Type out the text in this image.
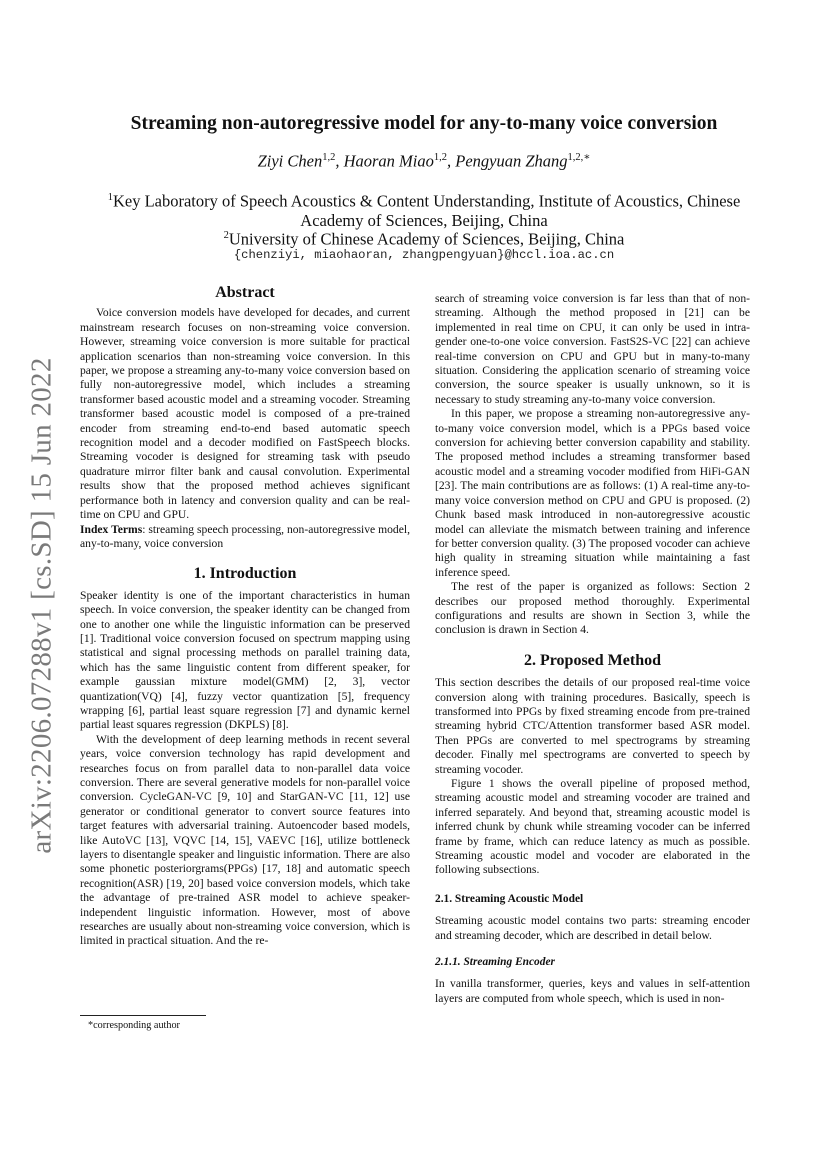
arXiv:2206.07288v1 [cs.SD] 15 Jun 2022
Streaming non-autoregressive model for any-to-many voice conversion
Ziyi Chen$^{1,2}$, Haoran Miao$^{1,2}$, Pengyuan Zhang$^{1,2,∗}$
$^1$Key Laboratory of Speech Acoustics & Content Understanding, Institute of Acoustics, Chinese Academy of Sciences, Beijing, China
$^2$University of Chinese Academy of Sciences, Beijing, China
{chenziyi, miaohaoran, zhangpengyuan}@hccl.ioa.ac.cn
Abstract

Voice conversion models have developed for decades, and current mainstream research focuses on non-streaming voice conversion. However, streaming voice conversion is more suitable for practical application scenarios than non-streaming voice conversion. In this paper, we propose a streaming any-to-many voice conversion based on fully non-autoregressive model, which includes a streaming transformer based acoustic model and a streaming vocoder. Streaming transformer based acoustic model is composed of a pre-trained encoder from streaming end-to-end based automatic speech recognition model and a decoder modified on FastSpeech blocks. Streaming vocoder is designed for streaming task with pseudo quadrature mirror filter bank and causal convolution. Experimental results show that the proposed method achieves significant performance both in latency and conversion quality and can be real-time on CPU and GPU.

Index Terms: streaming speech processing, non-autoregressive model, any-to-many, voice conversion

1. Introduction

Speaker identity is one of the important characteristics in human speech. In voice conversion, the speaker identity can be changed from one to another one while the linguistic information can be preserved [1]. Traditional voice conversion focused on spectrum mapping using statistical and signal processing methods on parallel training data, which has the same linguistic content from different speaker, for example gaussian mixture model(GMM) [2, 3], vector quantization(VQ) [4], fuzzy vector quantization [5], frequency wrapping [6], partial least square regression [7] and dynamic kernel partial least squares regression (DKPLS) [8].

With the development of deep learning methods in recent several years, voice conversion technology has rapid development and researches focus on from parallel data to non-parallel data voice conversion. There are several generative models for non-parallel voice conversion. CycleGAN-VC [9, 10] and StarGAN-VC [11, 12] use generator or conditional generator to convert source features into target features with adversarial training. Autoencoder based models, like AutoVC [13], VQVC [14, 15], VAEVC [16], utilize bottleneck layers to disentangle speaker and linguistic information. There are also some phonetic posteriorgrams(PPGs) [17, 18] and automatic speech recognition(ASR) [19, 20] based voice conversion models, which take the advantage of pre-trained ASR model to achieve speaker-independent linguistic information. However, most of above researches are usually about non-streaming voice conversion, which is limited in practical situation. And the re-

search of streaming voice conversion is far less than that of non-streaming. Although the method proposed in [21] can be implemented in real time on CPU, it can only be used in intra-gender one-to-one voice conversion. FastS2S-VC [22] can achieve real-time conversion on CPU and GPU but in many-to-many situation. Considering the application scenario of streaming voice conversion, the source speaker is usually unknown, so it is necessary to study streaming any-to-many voice conversion.

In this paper, we propose a streaming non-autoregressive any-to-many voice conversion model, which is a PPGs based voice conversion for achieving better conversion capability and stability. The proposed method includes a streaming transformer based acoustic model and a streaming vocoder modified from HiFi-GAN [23]. The main contributions are as follows: (1) A real-time any-to-many voice conversion method on CPU and GPU is proposed. (2) Chunk based mask introduced in non-autoregressive acoustic model can alleviate the mismatch between training and inference for better conversion quality. (3) The proposed vocoder can achieve high quality in streaming situation while maintaining a fast inference speed.

The rest of the paper is organized as follows: Section 2 describes our proposed method thoroughly. Experimental configurations and results are shown in Section 3, while the conclusion is drawn in Section 4.

2. Proposed Method

This section describes the details of our proposed real-time voice conversion along with training procedures. Basically, speech is transformed into PPGs by fixed streaming encode from pre-trained streaming hybrid CTC/Attention transformer based ASR model. Then PPGs are converted to mel spectrograms by streaming decoder. Finally mel spectrograms are converted to speech by streaming vocoder.

Figure 1 shows the overall pipeline of proposed method, streaming acoustic model and streaming vocoder are trained and inferred separately. And beyond that, streaming acoustic model is inferred chunk by chunk while streaming vocoder can be inferred frame by frame, which can reduce latency as much as possible. Streaming acoustic model and vocoder are elaborated in the following subsections.

2.1. Streaming Acoustic Model

Streaming acoustic model contains two parts: streaming encoder and streaming decoder, which are described in detail below.

2.1.1. Streaming Encoder

In vanilla transformer, queries, keys and values in self-attention layers are computed from whole speech, which is used in non-

*corresponding author
